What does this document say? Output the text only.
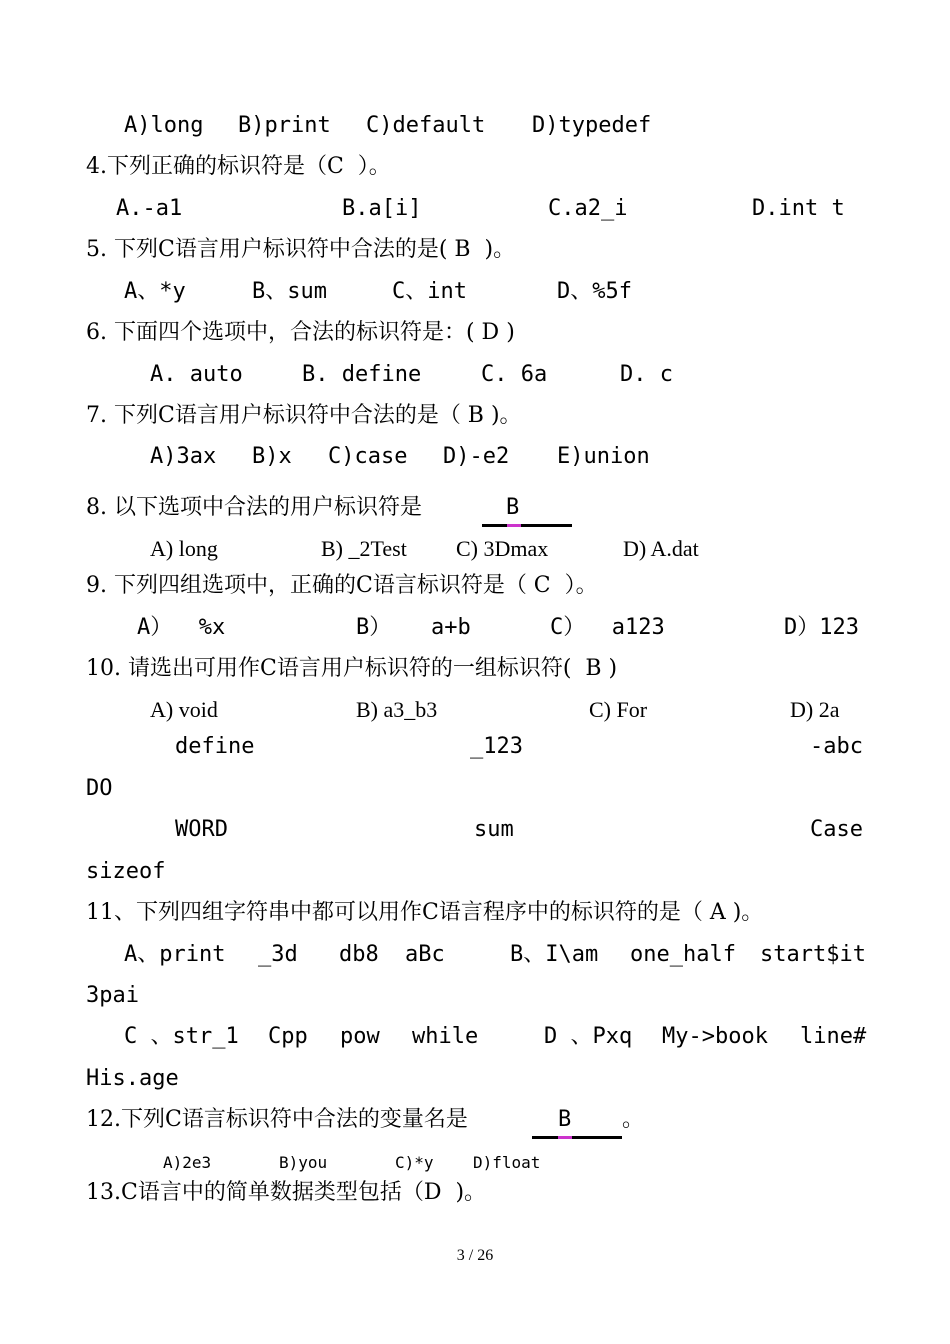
A)long B)print C)default D)typedef
4.下列正确的标识符是（C  ）。
A.-a1	B.a[i]	C.a2_i	D.int t
5. 下列C语言用户标识符中合法的是( B  )。
A、*y	B、sum	C、int	D、%5f
6. 下面四个选项中，合法的标识符是：( D )
A. auto	B. define	C. 6a	D. c
7. 下列C语言用户标识符中合法的是（ B )。
A)3ax B)x C)case D)-e2 E)union
8. 以下选项中合法的用户标识符是	B
A) long	B) _2Test C) 3Dmax	D) A.dat
9. 下列四组选项中，正确的C语言标识符是（ C  ）。
A）  %x	B）   a+b	C）  a123	D）123
10. 请选出可用作C语言用户标识符的一组标识符(  B )
A) void	B) a3_b3	C) For	D) 2a
define	_123	-abc
DO
WORD	sum	Case
sizeof
11、下列四组字符串中都可以用作C语言程序中的标识符的是（ A )。
A、print _3d db8 aBc	B、I\am one_half start$it
3pai
C 、str_1 Cpp pow while	D 、Pxq My->book line#
His.age
12.下列C语言标识符中合法的变量名是	B 。
A)2e3	B)you	C)*y D)float
13.C语言中的简单数据类型包括（D  )。
3 / 26
